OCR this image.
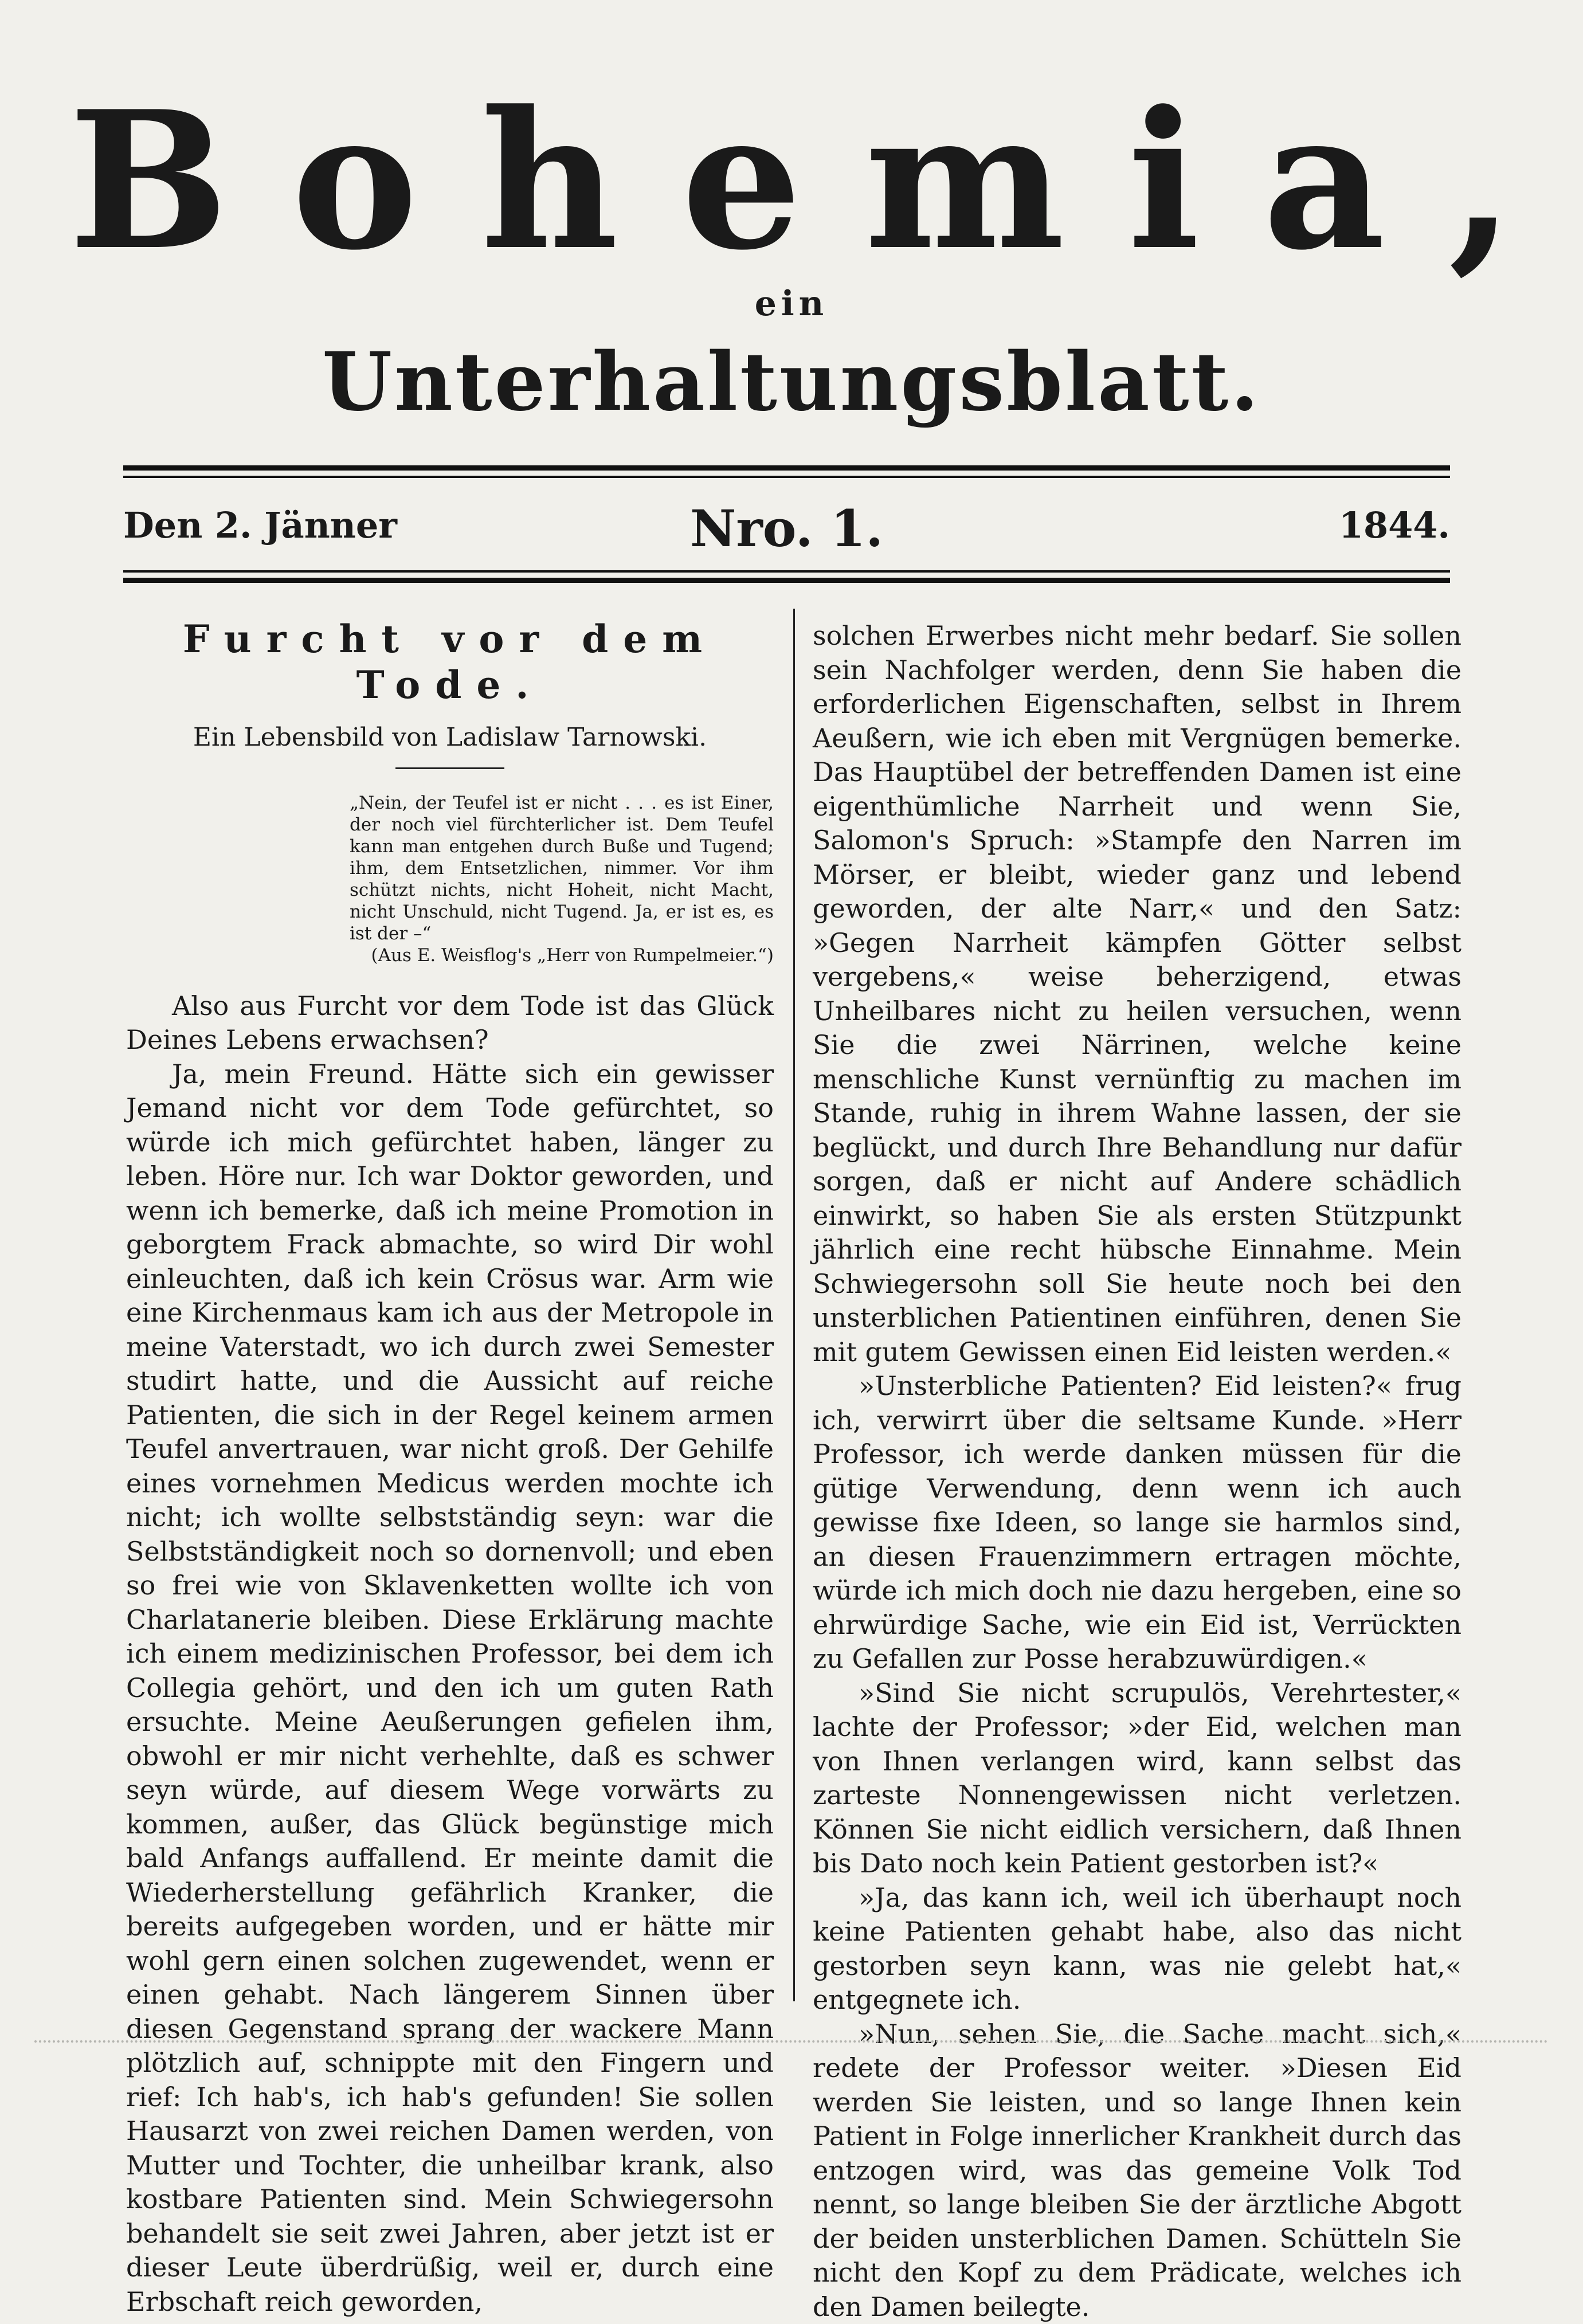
Bohemia,
ein
Unterhaltungsblatt.
Den 2. Jänner	Nro. 1.	1844.
Furcht vor dem Tode.
Ein Lebensbild von Ladislaw Tarnowski.
„Nein, der Teufel ist er nicht . . . es ist Einer, der noch viel fürchterlicher ist. Dem Teufel kann man entgehen durch Buße und Tugend; ihm, dem Entsetzlichen, nimmer. Vor ihm schützt nichts, nicht Hoheit, nicht Macht, nicht Unschuld, nicht Tugend. Ja, er ist es, es ist der –“
(Aus E. Weisflog's „Herr von Rumpelmeier.“)

Also aus Furcht vor dem Tode ist das Glück Deines Lebens erwachsen?

Ja, mein Freund. Hätte sich ein gewisser Jemand nicht vor dem Tode gefürchtet, so würde ich mich gefürchtet haben, länger zu leben. Höre nur. Ich war Doktor geworden, und wenn ich bemerke, daß ich meine Promotion in geborgtem Frack abmachte, so wird Dir wohl einleuchten, daß ich kein Crösus war. Arm wie eine Kirchenmaus kam ich aus der Metropole in meine Vaterstadt, wo ich durch zwei Semester studirt hatte, und die Aussicht auf reiche Patienten, die sich in der Regel keinem armen Teufel anvertrauen, war nicht groß. Der Gehilfe eines vornehmen Medicus werden mochte ich nicht; ich wollte selbstständig seyn: war die Selbstständigkeit noch so dornenvoll; und eben so frei wie von Sklavenketten wollte ich von Charlatanerie bleiben. Diese Erklärung machte ich einem medizinischen Professor, bei dem ich Collegia gehört, und den ich um guten Rath ersuchte. Meine Aeußerungen gefielen ihm, obwohl er mir nicht verhehlte, daß es schwer seyn würde, auf diesem Wege vorwärts zu kommen, außer, das Glück begünstige mich bald Anfangs auffallend. Er meinte damit die Wiederherstellung gefährlich Kranker, die bereits aufgegeben worden, und er hätte mir wohl gern einen solchen zugewendet, wenn er einen gehabt. Nach längerem Sinnen über diesen Gegenstand sprang der wackere Mann plötzlich auf, schnippte mit den Fingern und rief: Ich hab's, ich hab's gefunden! Sie sollen Hausarzt von zwei reichen Damen werden, von Mutter und Tochter, die unheilbar krank, also kostbare Patienten sind. Mein Schwiegersohn behandelt sie seit zwei Jahren, aber jetzt ist er dieser Leute überdrüßig, weil er, durch eine Erbschaft reich geworden,

solchen Erwerbes nicht mehr bedarf. Sie sollen sein Nachfolger werden, denn Sie haben die erforderlichen Eigenschaften, selbst in Ihrem Aeußern, wie ich eben mit Vergnügen bemerke. Das Hauptübel der betreffenden Damen ist eine eigenthümliche Narrheit und wenn Sie, Salomon's Spruch: »Stampfe den Narren im Mörser, er bleibt, wieder ganz und lebend geworden, der alte Narr,« und den Satz: »Gegen Narrheit kämpfen Götter selbst vergebens,« weise beherzigend, etwas Unheilbares nicht zu heilen versuchen, wenn Sie die zwei Närrinen, welche keine menschliche Kunst vernünftig zu machen im Stande, ruhig in ihrem Wahne lassen, der sie beglückt, und durch Ihre Behandlung nur dafür sorgen, daß er nicht auf Andere schädlich einwirkt, so haben Sie als ersten Stützpunkt jährlich eine recht hübsche Einnahme. Mein Schwiegersohn soll Sie heute noch bei den unsterblichen Patientinen einführen, denen Sie mit gutem Gewissen einen Eid leisten werden.«

»Unsterbliche Patienten? Eid leisten?« frug ich, verwirrt über die seltsame Kunde. »Herr Professor, ich werde danken müssen für die gütige Verwendung, denn wenn ich auch gewisse fixe Ideen, so lange sie harmlos sind, an diesen Frauenzimmern ertragen möchte, würde ich mich doch nie dazu hergeben, eine so ehrwürdige Sache, wie ein Eid ist, Verrückten zu Gefallen zur Posse herabzuwürdigen.«

»Sind Sie nicht scrupulös, Verehrtester,« lachte der Professor; »der Eid, welchen man von Ihnen verlangen wird, kann selbst das zarteste Nonnengewissen nicht verletzen. Können Sie nicht eidlich versichern, daß Ihnen bis Dato noch kein Patient gestorben ist?«

»Ja, das kann ich, weil ich überhaupt noch keine Patienten gehabt habe, also das nicht gestorben seyn kann, was nie gelebt hat,« entgegnete ich.

»Nun, sehen Sie, die Sache macht sich,« redete der Professor weiter. »Diesen Eid werden Sie leisten, und so lange Ihnen kein Patient in Folge innerlicher Krankheit durch das entzogen wird, was das gemeine Volk Tod nennt, so lange bleiben Sie der ärztliche Abgott der beiden unsterblichen Damen. Schütteln Sie nicht den Kopf zu dem Prädicate, welches ich den Damen beilegte.
